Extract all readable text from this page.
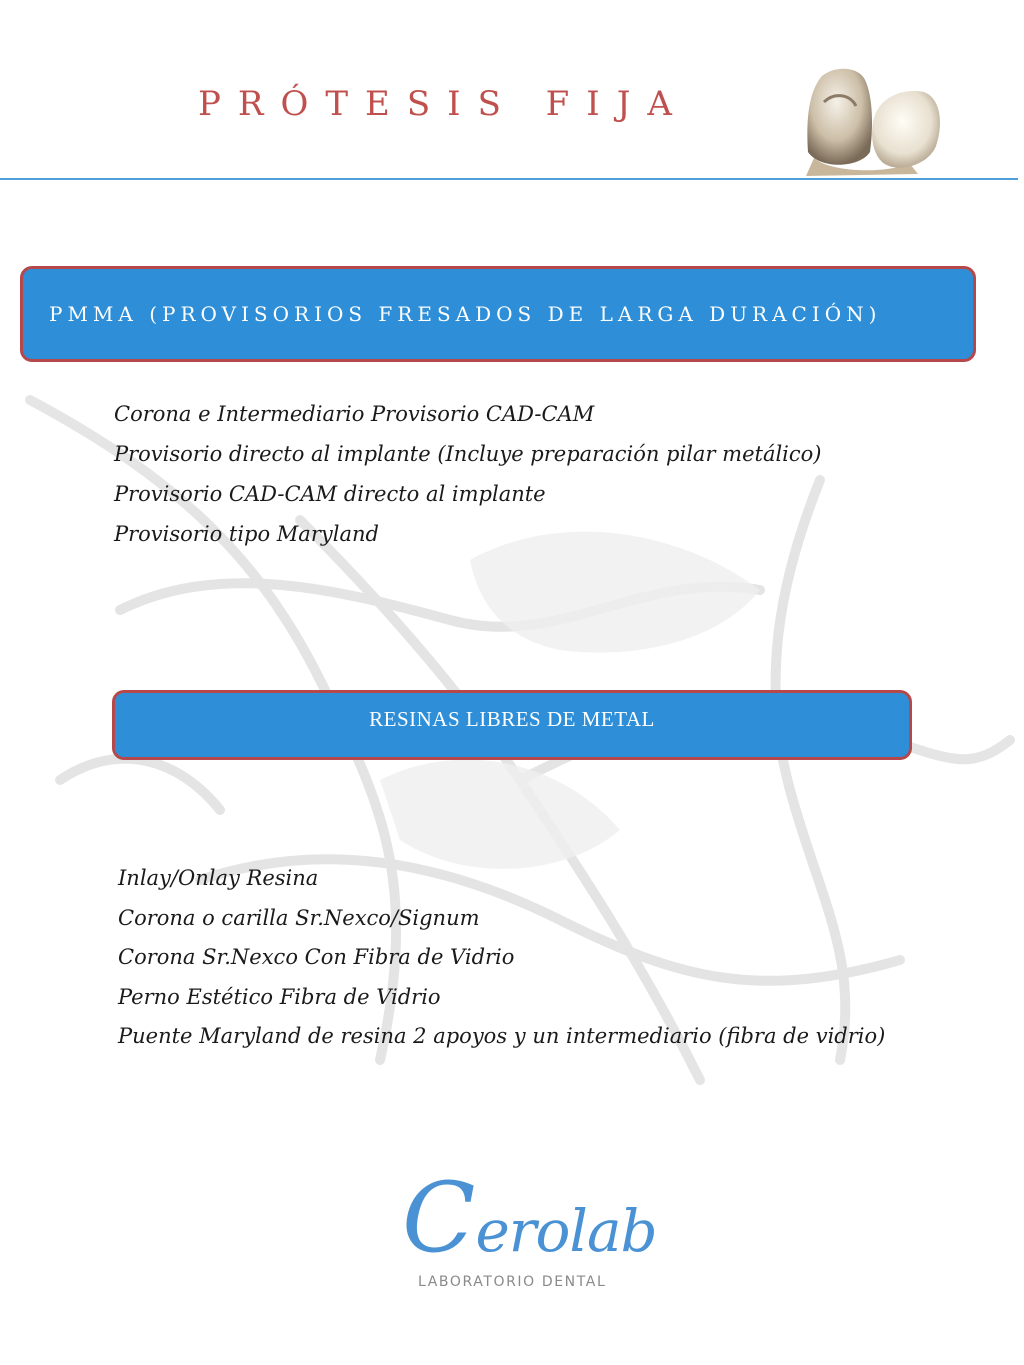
PRÓTESIS FIJA
PMMA (PROVISORIOS FRESADOS DE LARGA DURACIÓN)
Corona e Intermediario Provisorio CAD-CAM
Provisorio directo al implante (Incluye preparación pilar metálico)
Provisorio CAD-CAM directo al implante
Provisorio tipo Maryland
RESINAS LIBRES DE METAL
Inlay/Onlay Resina
Corona o carilla Sr.Nexco/Signum
Corona Sr.Nexco Con Fibra de Vidrio
Perno Estético Fibra de Vidrio
Puente Maryland de resina 2 apoyos y un intermediario (fibra de vidrio)
Cerolab
LABORATORIO DENTAL
